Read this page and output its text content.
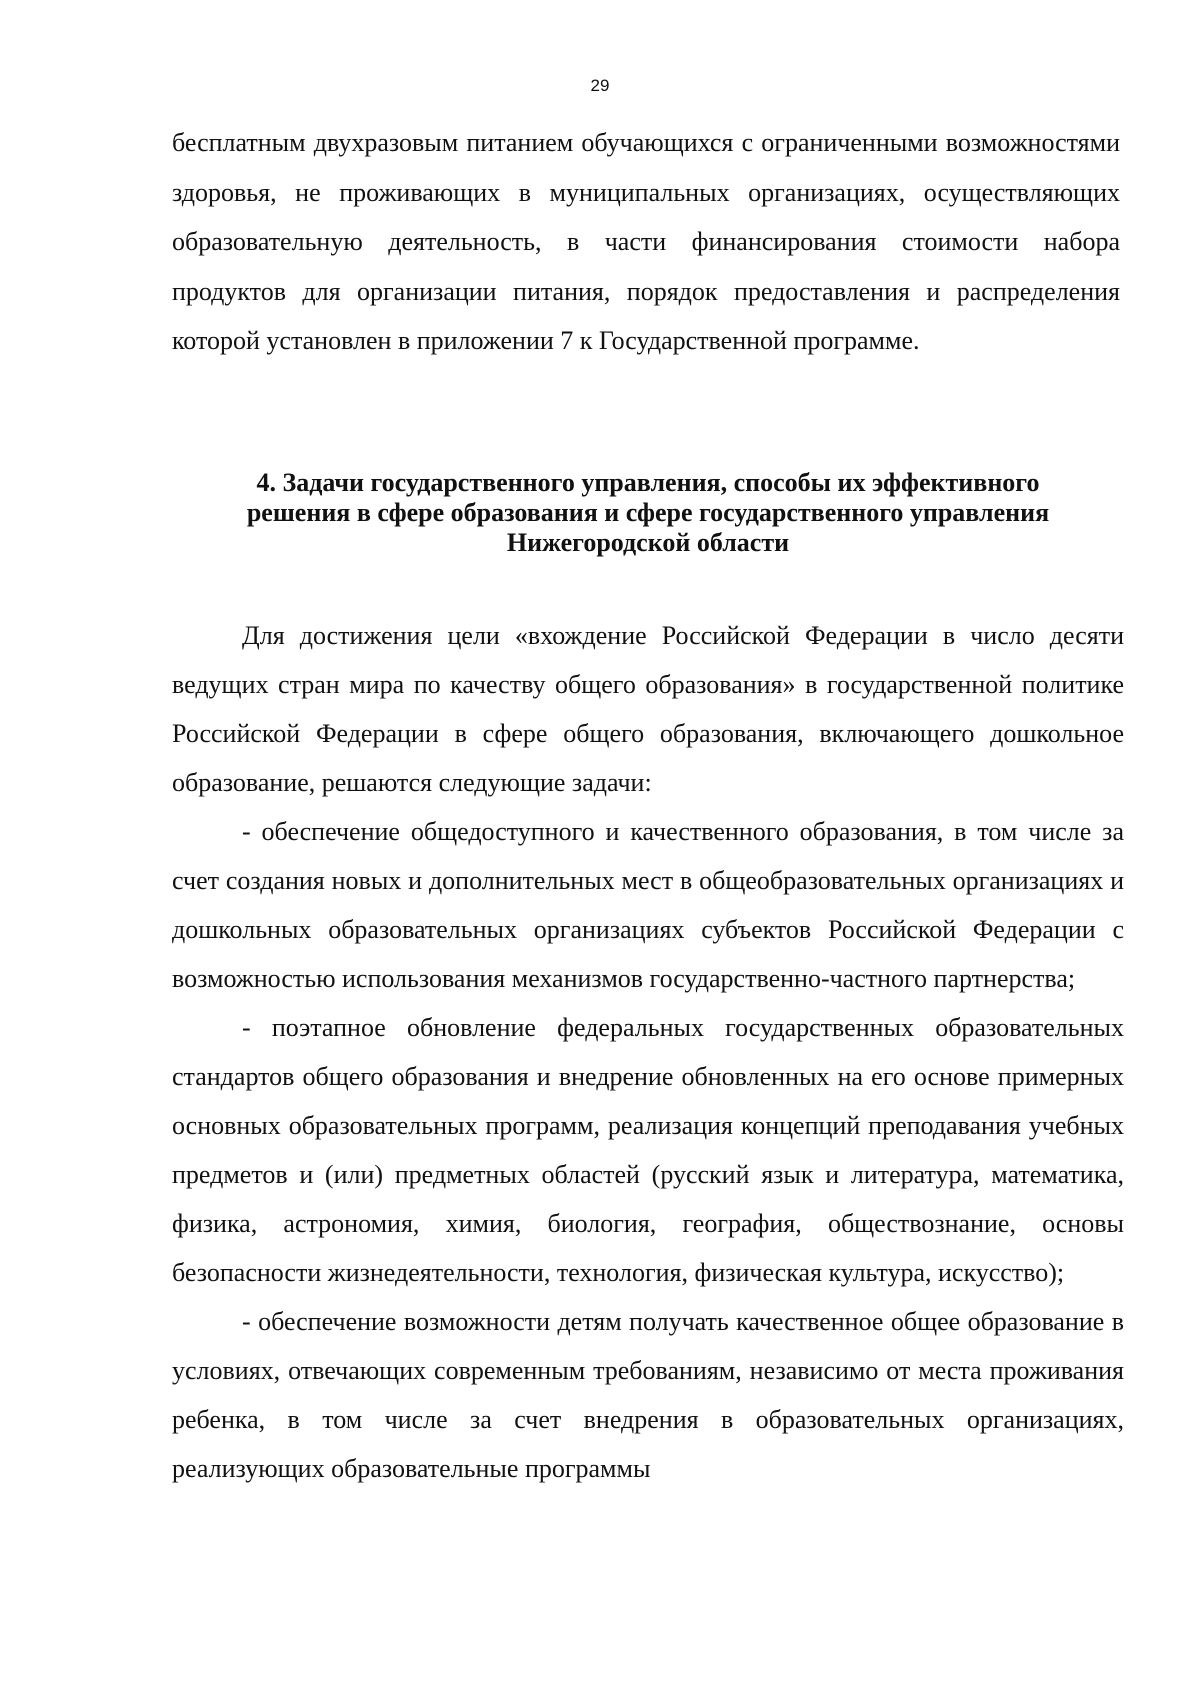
29

бесплатным двухразовым питанием обучающихся с ограниченными возможностями здоровья, не проживающих в муниципальных организациях, осуществляющих образовательную деятельность, в части финансирования стоимости набора продуктов для организации питания, порядок предоставления и распределения которой установлен в приложении 7 к Государственной программе.

4. Задачи государственного управления, способы их эффективного
решения в сфере образования и сфере государственного управления
Нижегородской области

Для достижения цели «вхождение Российской Федерации в число десяти ведущих стран мира по качеству общего образования» в государственной политике Российской Федерации в сфере общего образования, включающего дошкольное образование, решаются следующие задачи:

- обеспечение общедоступного и качественного образования, в том числе за счет создания новых и дополнительных мест в общеобразовательных организациях и дошкольных образовательных организациях субъектов Российской Федерации с возможностью использования механизмов государственно-частного партнерства;

- поэтапное обновление федеральных государственных образовательных стандартов общего образования и внедрение обновленных на его основе примерных основных образовательных программ, реализация концепций преподавания учебных предметов и (или) предметных областей (русский язык и литература, математика, физика, астрономия, химия, биология, география, обществознание, основы безопасности жизнедеятельности, технология, физическая культура, искусство);

- обеспечение возможности детям получать качественное общее образование в условиях, отвечающих современным требованиям, независимо от места проживания ребенка, в том числе за счет внедрения в образовательных организациях, реализующих образовательные программы
